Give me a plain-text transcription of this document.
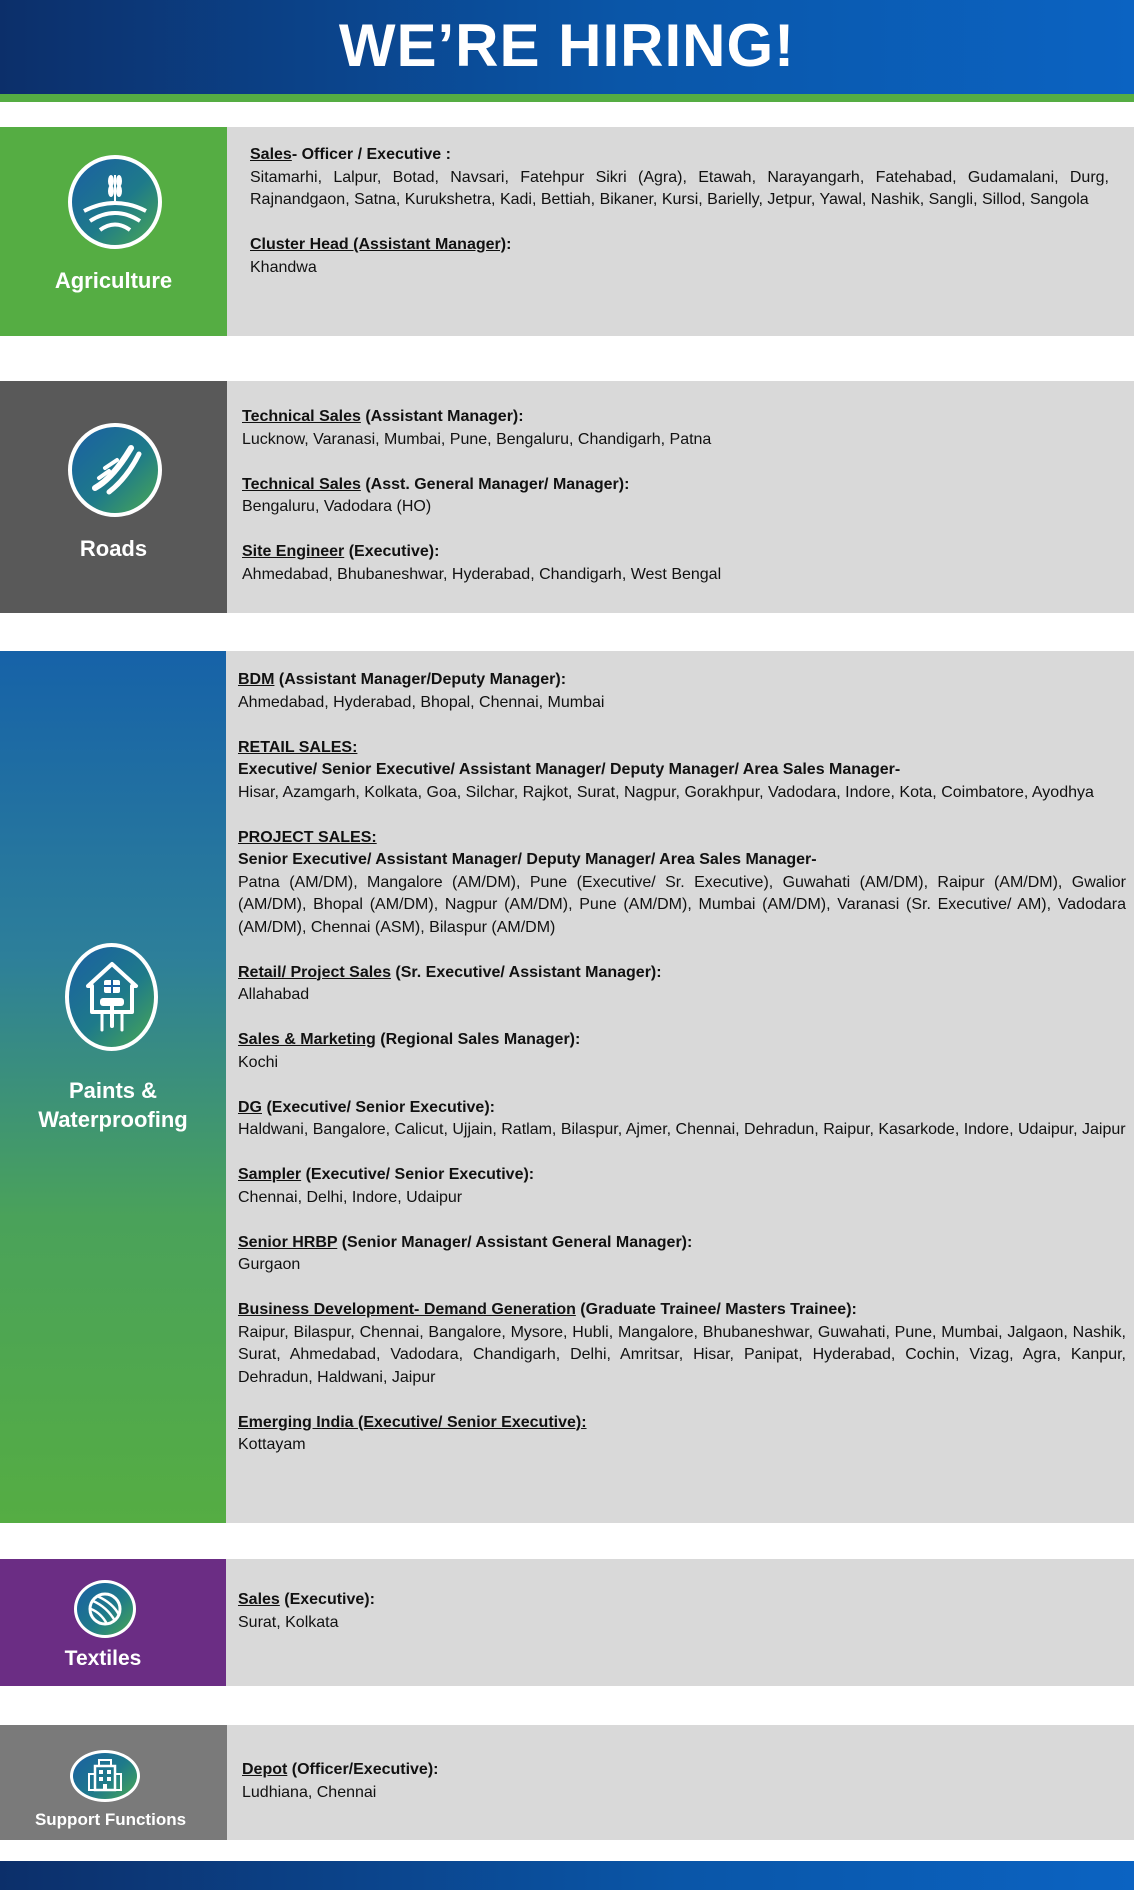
WE’RE HIRING!
Agriculture

Sales- Officer / Executive :

Sitamarhi, Lalpur, Botad, Navsari, Fatehpur Sikri (Agra), Etawah, Narayangarh, Fatehabad, Gudamalani, Durg, Rajnandgaon, Satna, Kurukshetra, Kadi, Bettiah, Bikaner, Kursi, Barielly, Jetpur, Yawal, Nashik, Sangli, Sillod, Sangola

Cluster Head (Assistant Manager):

Khandwa

Roads

Technical Sales (Assistant Manager):

Lucknow, Varanasi, Mumbai, Pune, Bengaluru, Chandigarh, Patna

Technical Sales (Asst. General Manager/ Manager):

Bengaluru, Vadodara (HO)

Site Engineer (Executive):

Ahmedabad, Bhubaneshwar, Hyderabad, Chandigarh, West Bengal

Paints &
Waterproofing

BDM (Assistant Manager/Deputy Manager):

Ahmedabad, Hyderabad, Bhopal, Chennai, Mumbai

RETAIL SALES:

Executive/ Senior Executive/ Assistant Manager/ Deputy Manager/ Area Sales Manager-

Hisar, Azamgarh, Kolkata, Goa, Silchar, Rajkot, Surat, Nagpur, Gorakhpur, Vadodara, Indore, Kota, Coimbatore, Ayodhya

PROJECT SALES:

Senior Executive/ Assistant Manager/ Deputy Manager/ Area Sales Manager-

Patna (AM/DM), Mangalore (AM/DM), Pune (Executive/ Sr. Executive), Guwahati (AM/DM), Raipur (AM/DM), Gwalior (AM/DM), Bhopal (AM/DM), Nagpur (AM/DM), Pune (AM/DM), Mumbai (AM/DM), Varanasi (Sr. Executive/ AM), Vadodara (AM/DM), Chennai (ASM), Bilaspur (AM/DM)

Retail/ Project Sales (Sr. Executive/ Assistant Manager):

Allahabad

Sales & Marketing (Regional Sales Manager):

Kochi

DG (Executive/ Senior Executive):

Haldwani, Bangalore, Calicut, Ujjain, Ratlam, Bilaspur, Ajmer, Chennai, Dehradun, Raipur, Kasarkode, Indore, Udaipur, Jaipur

Sampler (Executive/ Senior Executive):

Chennai, Delhi, Indore, Udaipur

Senior HRBP (Senior Manager/ Assistant General Manager):

Gurgaon

Business Development- Demand Generation (Graduate Trainee/ Masters Trainee):

Raipur, Bilaspur, Chennai, Bangalore, Mysore, Hubli, Mangalore, Bhubaneshwar, Guwahati, Pune, Mumbai, Jalgaon, Nashik, Surat, Ahmedabad, Vadodara, Chandigarh, Delhi, Amritsar, Hisar, Panipat, Hyderabad, Cochin, Vizag, Agra, Kanpur, Dehradun, Haldwani, Jaipur

Emerging India (Executive/ Senior Executive):

Kottayam

Textiles

Sales (Executive):

Surat, Kolkata

Support Functions

Depot (Officer/Executive):

Ludhiana, Chennai
